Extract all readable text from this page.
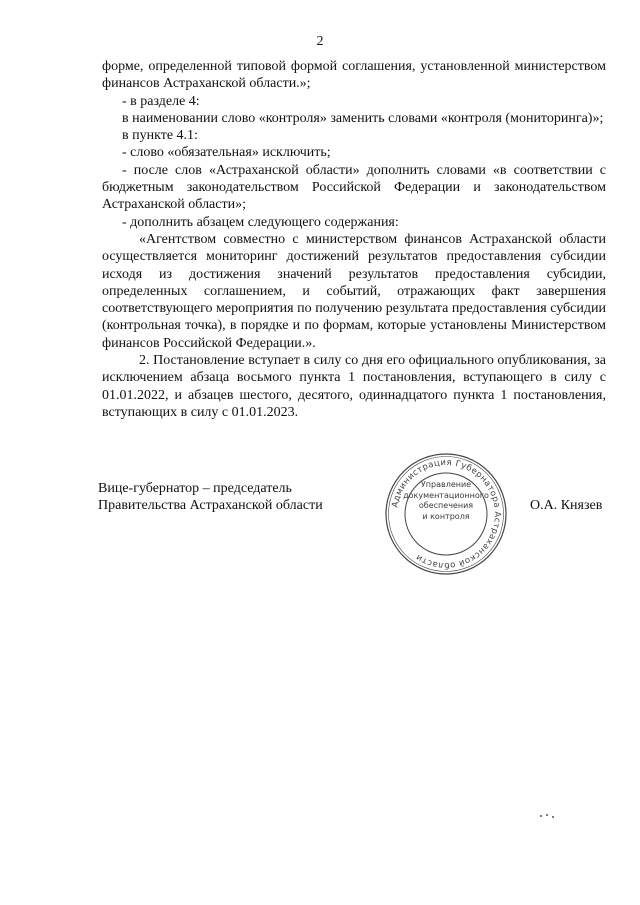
2

форме, определенной типовой формой соглашения, установленной министерством финансов Астраханской области.»;

- в разделе 4:

в наименовании слово «контроля» заменить словами «контроля (мониторинга)»;

в пункте 4.1:

- слово «обязательная» исключить;

- после слов «Астраханской области» дополнить словами «в соответствии с бюджетным законодательством Российской Федерации и законодательством Астраханской области»;

- дополнить абзацем следующего содержания:

«Агентством совместно с министерством финансов Астраханской области осуществляется мониторинг достижений результатов предоставления субсидии исходя из достижения значений результатов предоставления субсидии, определенных соглашением, и событий, отражающих факт завершения соответствующего мероприятия по получению результата предоставления субсидии (контрольная точка), в порядке и по формам, которые установлены Министерством финансов Российской Федерации.».

2. Постановление вступает в силу со дня его официального опубликования, за исключением абзаца восьмого пункта 1 постановления, вступающего в силу с 01.01.2022, и абзацев шестого, десятого, одиннадцатого пункта 1 постановления, вступающих в силу с 01.01.2023.

Вице-губернатор – председатель
Правительства Астраханской области	Администрация Губернатора Астраханской области
Управление
документационного
обеспечения
и контроля
О.А. Князев
